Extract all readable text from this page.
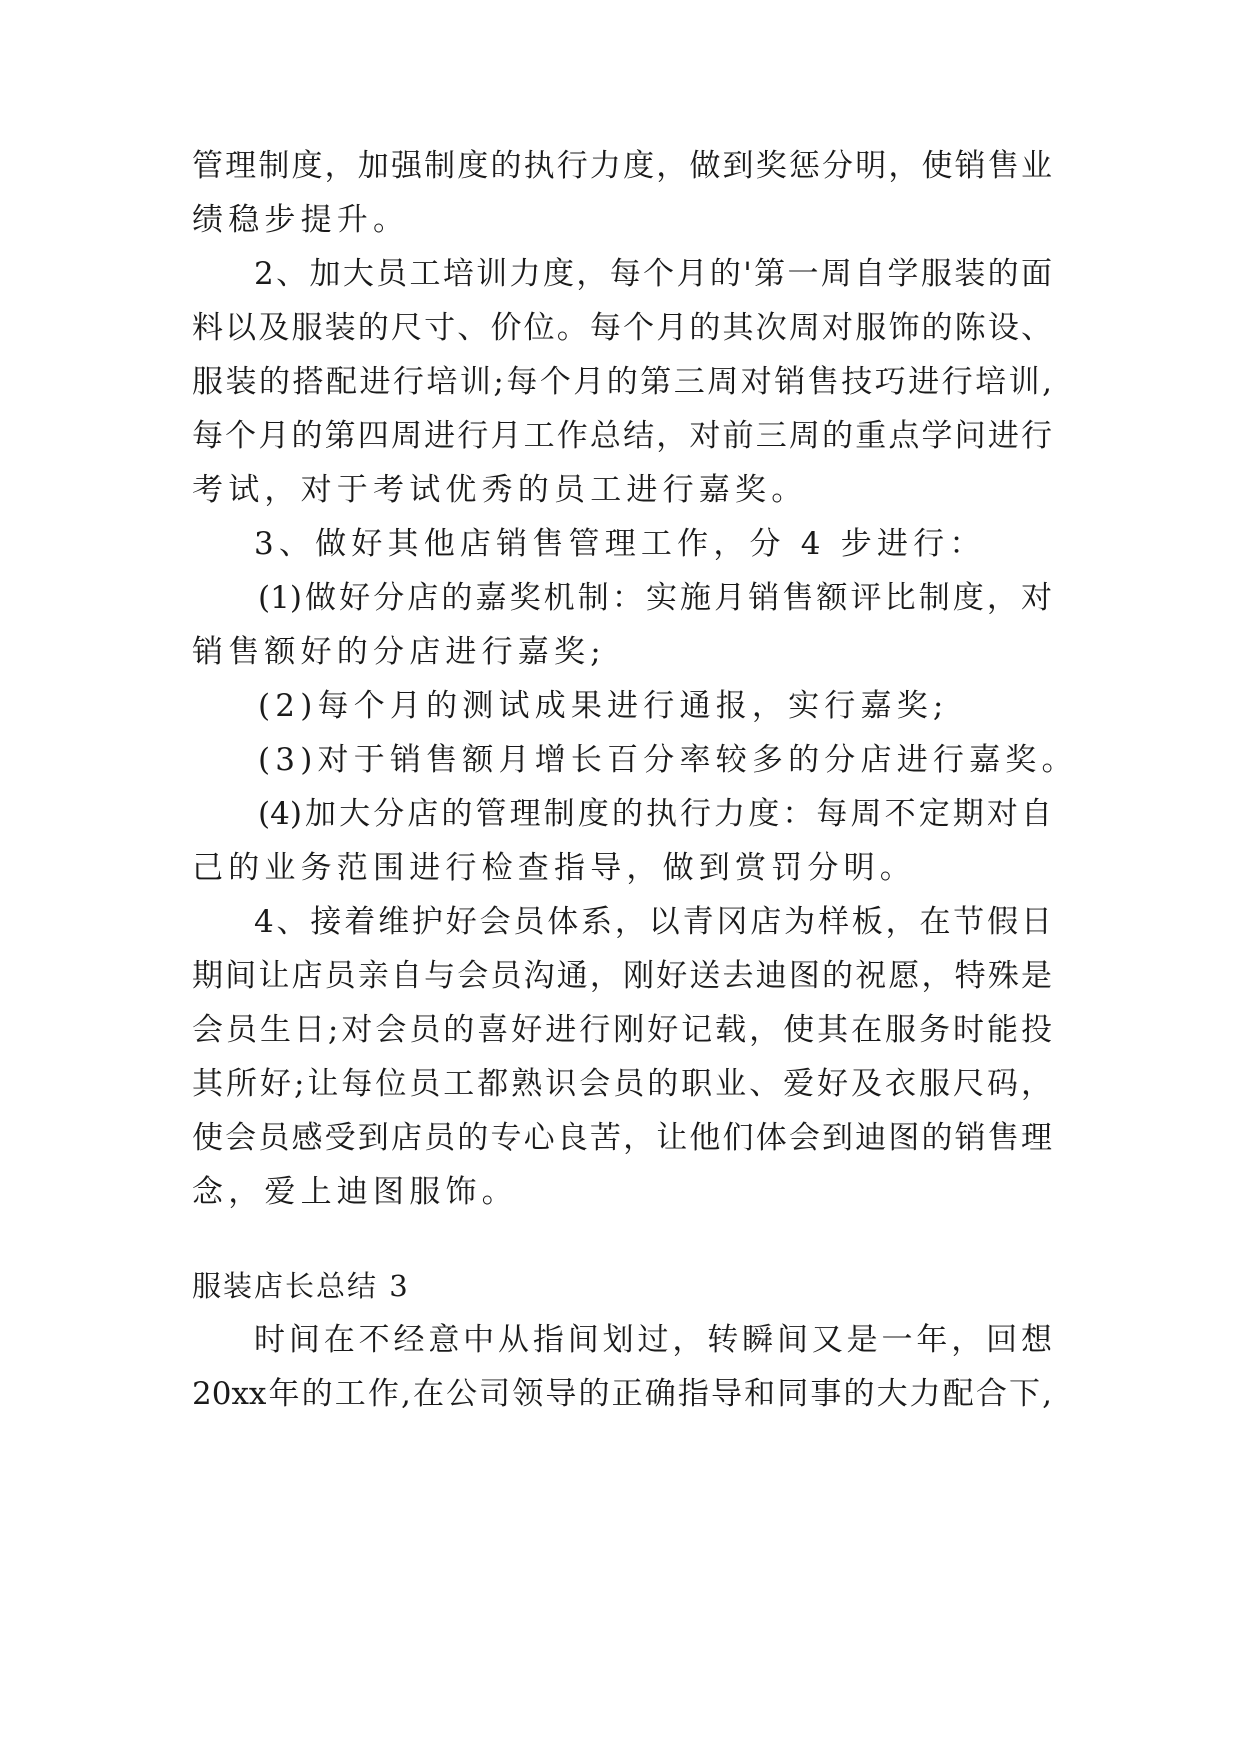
管理制度，加强制度的执行力度，做到奖惩分明，使销售业
绩稳步提升。
2、加大员工培训力度，每个月的'第一周自学服装的面
料以及服装的尺寸、价位。每个月的其次周对服饰的陈设、
服装的搭配进行培训;每个月的第三周对销售技巧进行培训,
每个月的第四周进行月工作总结，对前三周的重点学问进行
考试，对于考试优秀的员工进行嘉奖。
3、做好其他店销售管理工作，分 4 步进行：
(1)做好分店的嘉奖机制：实施月销售额评比制度，对
销售额好的分店进行嘉奖;
(2)每个月的测试成果进行通报，实行嘉奖;
(3)对于销售额月增长百分率较多的分店进行嘉奖。
(4)加大分店的管理制度的执行力度：每周不定期对自
己的业务范围进行检查指导，做到赏罚分明。
4、接着维护好会员体系，以青冈店为样板，在节假日
期间让店员亲自与会员沟通，刚好送去迪图的祝愿，特殊是
会员生日;对会员的喜好进行刚好记载，使其在服务时能投
其所好;让每位员工都熟识会员的职业、爱好及衣服尺码，
使会员感受到店员的专心良苦，让他们体会到迪图的销售理
念，爱上迪图服饰。
服装店长总结 3
时间在不经意中从指间划过，转瞬间又是一年，回想
20xx年的工作,在公司领导的正确指导和同事的大力配合下,
